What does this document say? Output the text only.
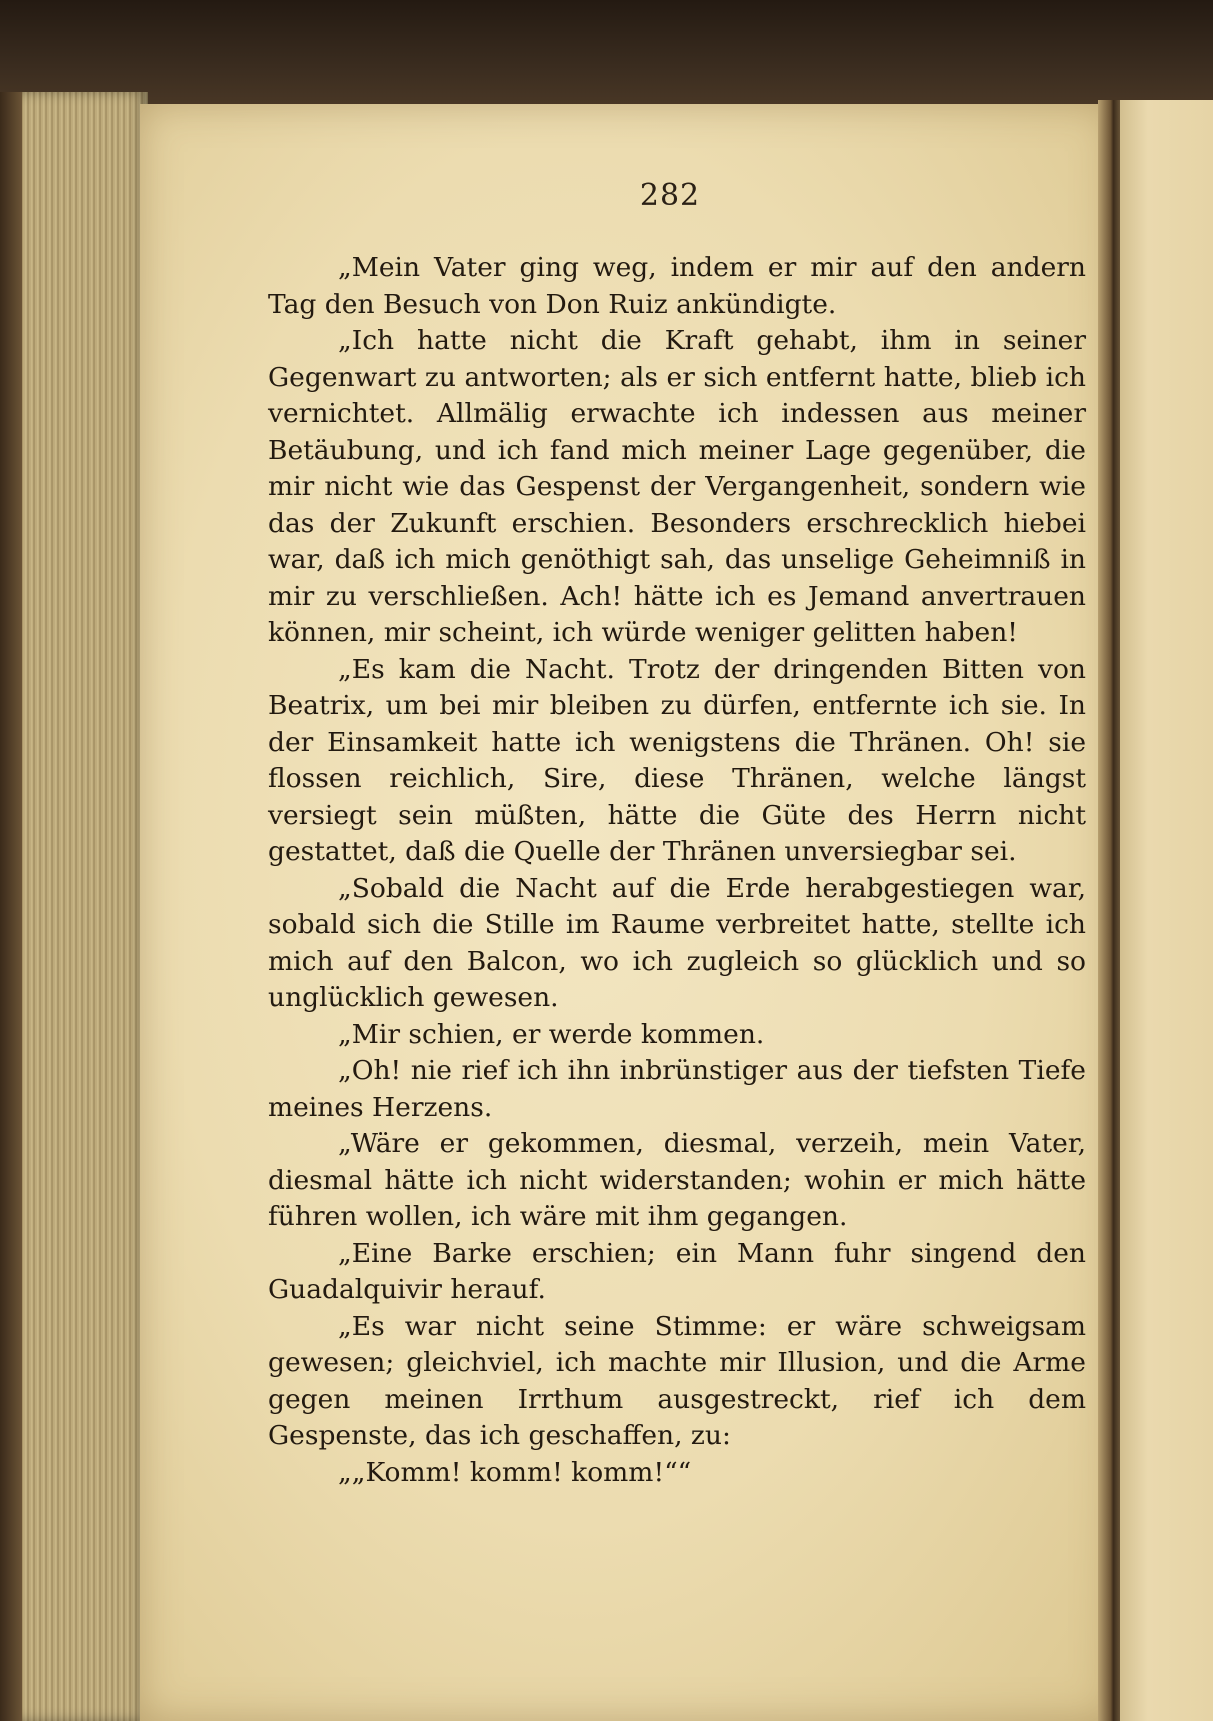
282

„Mein Vater ging weg, indem er mir auf den andern Tag den Besuch von Don Ruiz ankündigte.

„Ich hatte nicht die Kraft gehabt, ihm in seiner Gegenwart zu antworten; als er sich entfernt hatte, blieb ich vernichtet. Allmälig erwachte ich indessen aus meiner Betäubung, und ich fand mich meiner Lage gegenüber, die mir nicht wie das Gespenst der Vergangenheit, sondern wie das der Zukunft erschien. Besonders erschrecklich hiebei war, daß ich mich genöthigt sah, das unselige Geheimniß in mir zu verschließen. Ach! hätte ich es Jemand anvertrauen können, mir scheint, ich würde weniger gelitten haben!

„Es kam die Nacht. Trotz der dringenden Bitten von Beatrix, um bei mir bleiben zu dürfen, entfernte ich sie. In der Einsamkeit hatte ich wenigstens die Thränen. Oh! sie flossen reichlich, Sire, diese Thränen, welche längst versiegt sein müßten, hätte die Güte des Herrn nicht gestattet, daß die Quelle der Thränen unversiegbar sei.

„Sobald die Nacht auf die Erde herabgestiegen war, sobald sich die Stille im Raume verbreitet hatte, stellte ich mich auf den Balcon, wo ich zugleich so glücklich und so unglücklich gewesen.

„Mir schien, er werde kommen.

„Oh! nie rief ich ihn inbrünstiger aus der tiefsten Tiefe meines Herzens.

„Wäre er gekommen, diesmal, verzeih, mein Vater, diesmal hätte ich nicht widerstanden; wohin er mich hätte führen wollen, ich wäre mit ihm gegangen.

„Eine Barke erschien; ein Mann fuhr singend den Guadalquivir herauf.

„Es war nicht seine Stimme: er wäre schweigsam gewesen; gleichviel, ich machte mir Illusion, und die Arme gegen meinen Irrthum ausgestreckt, rief ich dem Gespenste, das ich geschaffen, zu:

„„Komm! komm! komm!““
